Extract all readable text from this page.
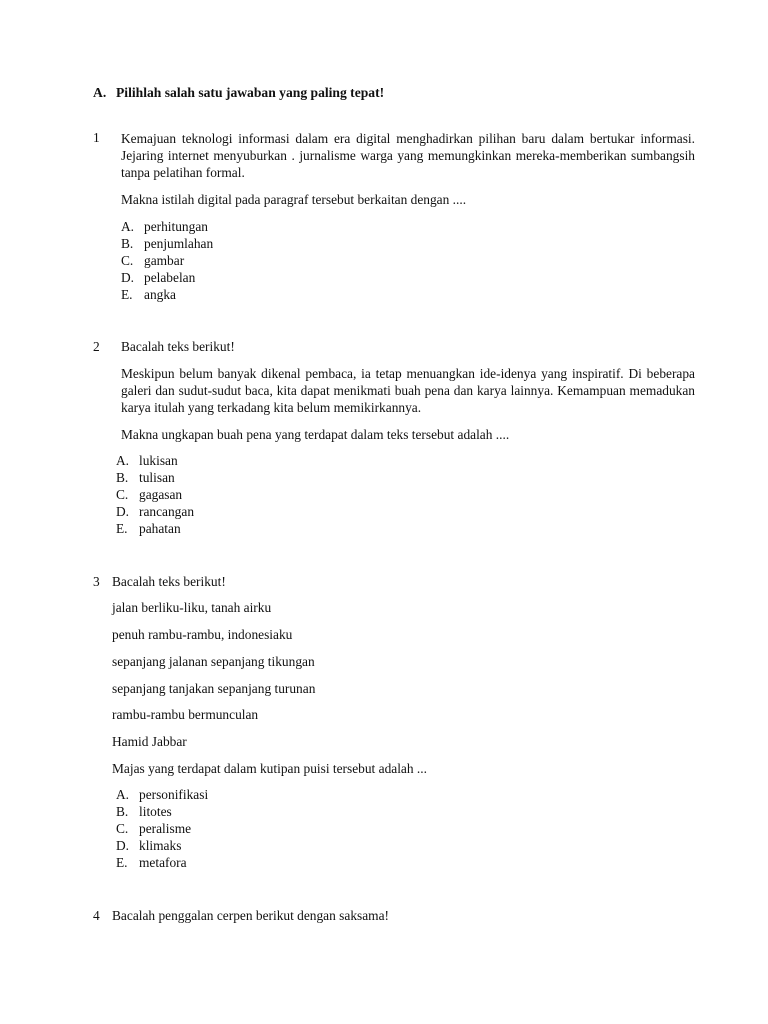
A. Pilihlah salah satu jawaban yang paling tepat!
1 Kemajuan teknologi informasi dalam era digital menghadirkan pilihan baru dalam bertukar informasi. Jejaring internet menyuburkan . jurnalisme warga yang memungkinkan mereka-memberikan sumbangsih tanpa pelatihan formal.
Makna istilah digital pada paragraf tersebut berkaitan dengan ....
A. perhitungan
B. penjumlahan
C. gambar
D. pelabelan
E. angka
2 Bacalah teks berikut!
Meskipun belum banyak dikenal pembaca, ia tetap menuangkan ide-idenya yang inspiratif. Di beberapa galeri dan sudut-sudut baca, kita dapat menikmati buah pena dan karya lainnya. Kemampuan memadukan karya itulah yang terkadang kita belum memikirkannya.
Makna ungkapan buah pena yang terdapat dalam teks tersebut adalah ....
A. lukisan
B. tulisan
C. gagasan
D. rancangan
E. pahatan
3 Bacalah teks berikut!
jalan berliku-liku, tanah airku
penuh rambu-rambu, indonesiaku
sepanjang jalanan sepanjang tikungan
sepanjang tanjakan sepanjang turunan
rambu-rambu bermunculan
Hamid Jabbar
Majas yang terdapat dalam kutipan puisi tersebut adalah ...
A. personifikasi
B. litotes
C. peralisme
D. klimaks
E. metafora
4 Bacalah penggalan cerpen berikut dengan saksama!
